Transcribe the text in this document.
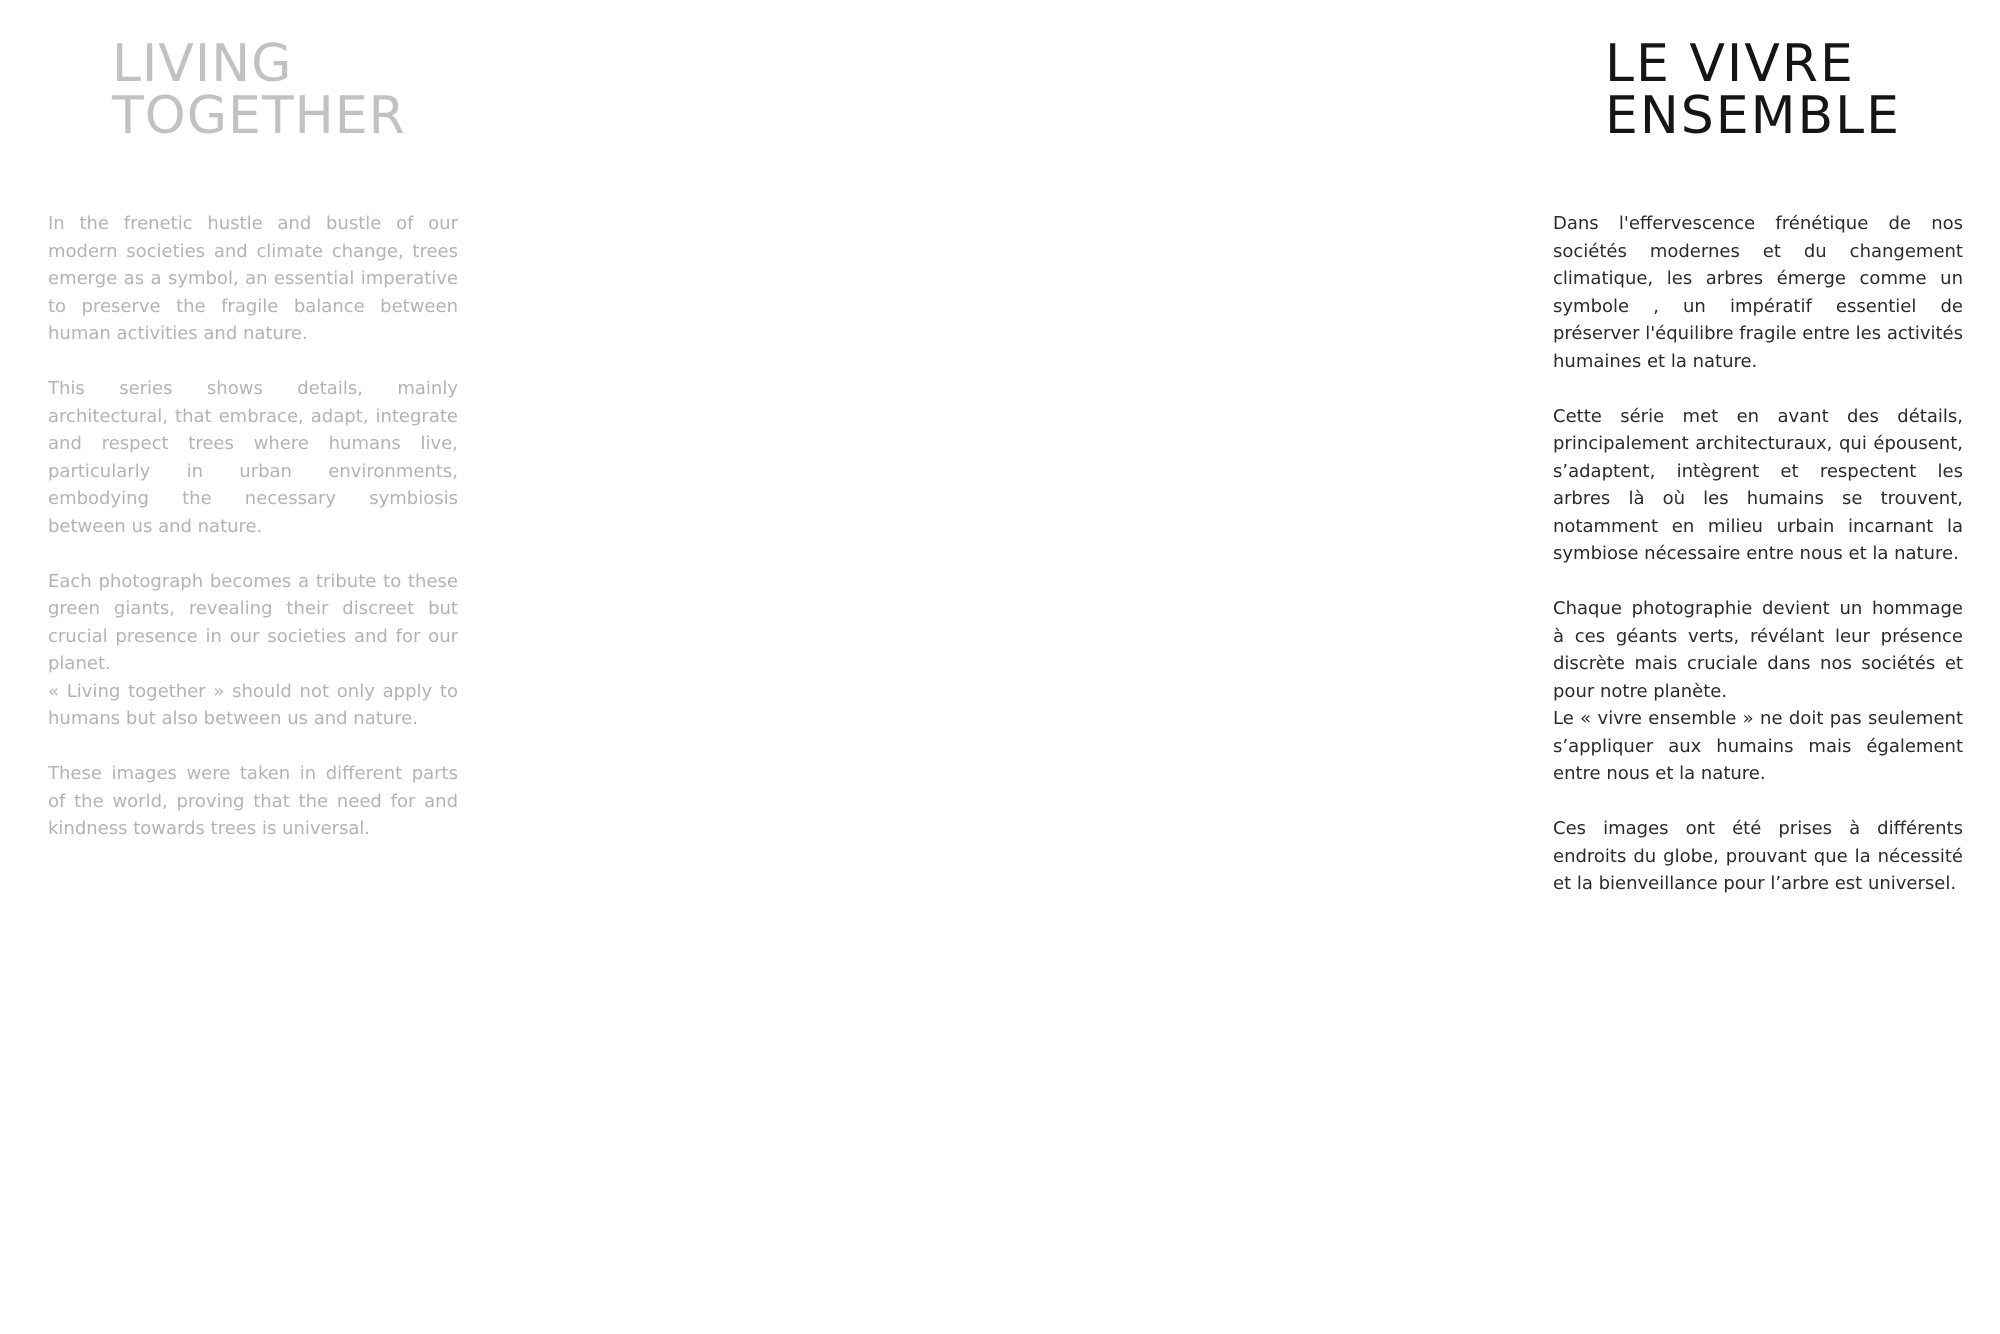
LIVING
TOGETHER

In the frenetic hustle and bustle of our modern societies and climate change, trees emerge as a symbol, an essential imperative to preserve the fragile balance between human activities and nature.

This series shows details, mainly architectural, that embrace, adapt, integrate and respect trees where humans live, particularly in urban environments, embodying the necessary symbiosis between us and nature.

Each photograph becomes a tribute to these green giants, revealing their discreet but crucial presence in our societies and for our planet.
« Living together » should not only apply to humans but also between us and nature.

These images were taken in different parts of the world, proving that the need for and kindness towards trees is universal.

LE VIVRE
ENSEMBLE

Dans l'effervescence frénétique de nos sociétés modernes et du changement climatique, les arbres émerge comme un symbole , un impératif essentiel de préserver l'équilibre fragile entre les activités humaines et la nature.

Cette série met en avant des détails, principalement architecturaux, qui épousent, s’adaptent, intègrent et respectent les arbres là où les humains se trouvent, notamment en milieu urbain incarnant la symbiose nécessaire entre nous et la nature.

Chaque photographie devient un hommage à ces géants verts, révélant leur présence discrète mais cruciale dans nos sociétés et pour notre planète.
Le « vivre ensemble » ne doit pas seulement s’appliquer aux humains mais également entre nous et la nature.

Ces images ont été prises à différents endroits du globe, prouvant que la nécessité et la bienveillance pour l’arbre est universel.
